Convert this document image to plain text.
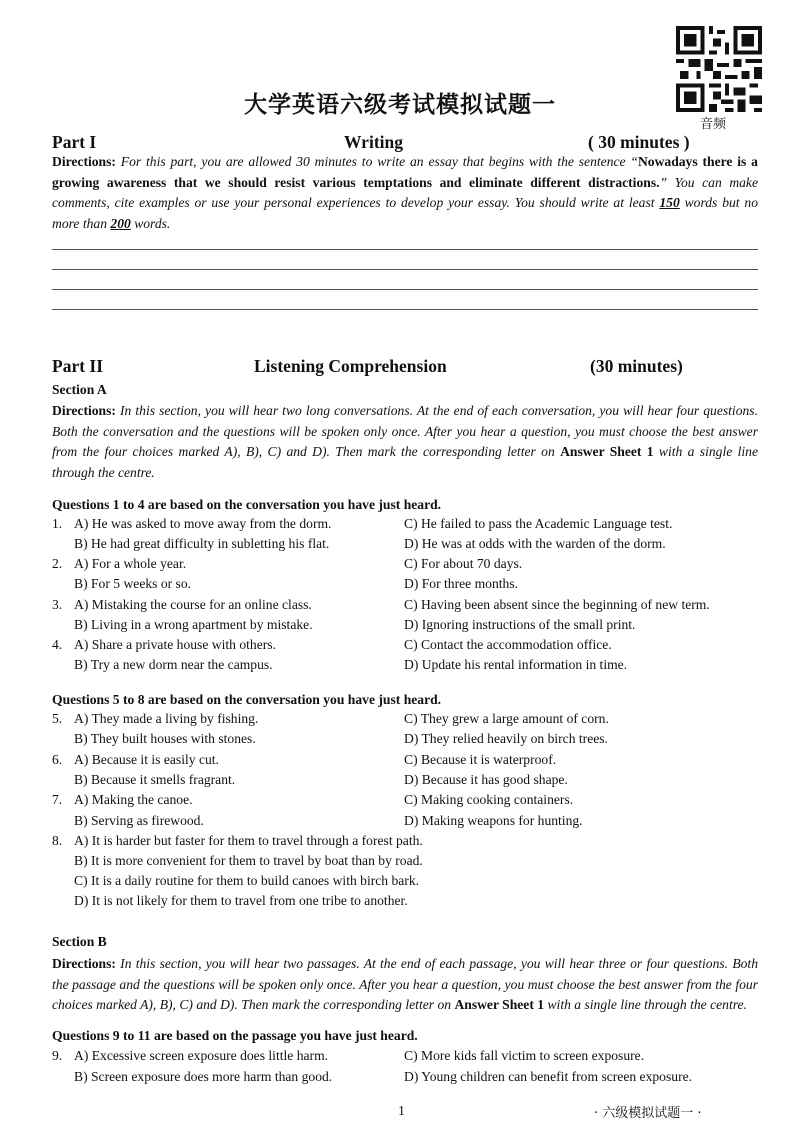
音频
大学英语六级考试模拟试题一
Part I	Writing	( 30 minutes )
Directions: For this part, you are allowed 30 minutes to write an essay that begins with the sentence “Nowadays there is a growing awareness that we should resist various temptations and eliminate different distractions.” You can make comments, cite examples or use your personal experiences to develop your essay. You should write at least 150 words but no more than 200 words.
Part II	Listening Comprehension	(30 minutes)
Section A
Directions: In this section, you will hear two long conversations. At the end of each conversation, you will hear four questions. Both the conversation and the questions will be spoken only once. After you hear a question, you must choose the best answer from the four choices marked A), B), C) and D). Then mark the corresponding letter on Answer Sheet 1 with a single line through the centre.
Questions 1 to 4 are based on the conversation you have just heard.
1. A) He was asked to move away from the dorm.	C) He failed to pass the Academic Language test.
B) He had great difficulty in subletting his flat.	D) He was at odds with the warden of the dorm.
2. A) For a whole year.	C) For about 70 days.
B) For 5 weeks or so.	D) For three months.
3. A) Mistaking the course for an online class.	C) Having been absent since the beginning of new term.
B) Living in a wrong apartment by mistake.	D) Ignoring instructions of the small print.
4. A) Share a private house with others.	C) Contact the accommodation office.
B) Try a new dorm near the campus.	D) Update his rental information in time.
Questions 5 to 8 are based on the conversation you have just heard.
5. A) They made a living by fishing.	C) They grew a large amount of corn.
B) They built houses with stones.	D) They relied heavily on birch trees.
6. A) Because it is easily cut.	C) Because it is waterproof.
B) Because it smells fragrant.	D) Because it has good shape.
7. A) Making the canoe.	C) Making cooking containers.
B) Serving as firewood.	D) Making weapons for hunting.
8. A) It is harder but faster for them to travel through a forest path.
B) It is more convenient for them to travel by boat than by road.
C) It is a daily routine for them to build canoes with birch bark.
D) It is not likely for them to travel from one tribe to another.
Section B
Directions: In this section, you will hear two passages. At the end of each passage, you will hear three or four questions. Both the passage and the questions will be spoken only once. After you hear a question, you must choose the best answer from the four choices marked A), B), C) and D). Then mark the corresponding letter on Answer Sheet 1 with a single line through the centre.
Questions 9 to 11 are based on the passage you have just heard.
9. A) Excessive screen exposure does little harm.	C) More kids fall victim to screen exposure.
B) Screen exposure does more harm than good.	D) Young children can benefit from screen exposure.
1	· 六级模拟试题一 ·
